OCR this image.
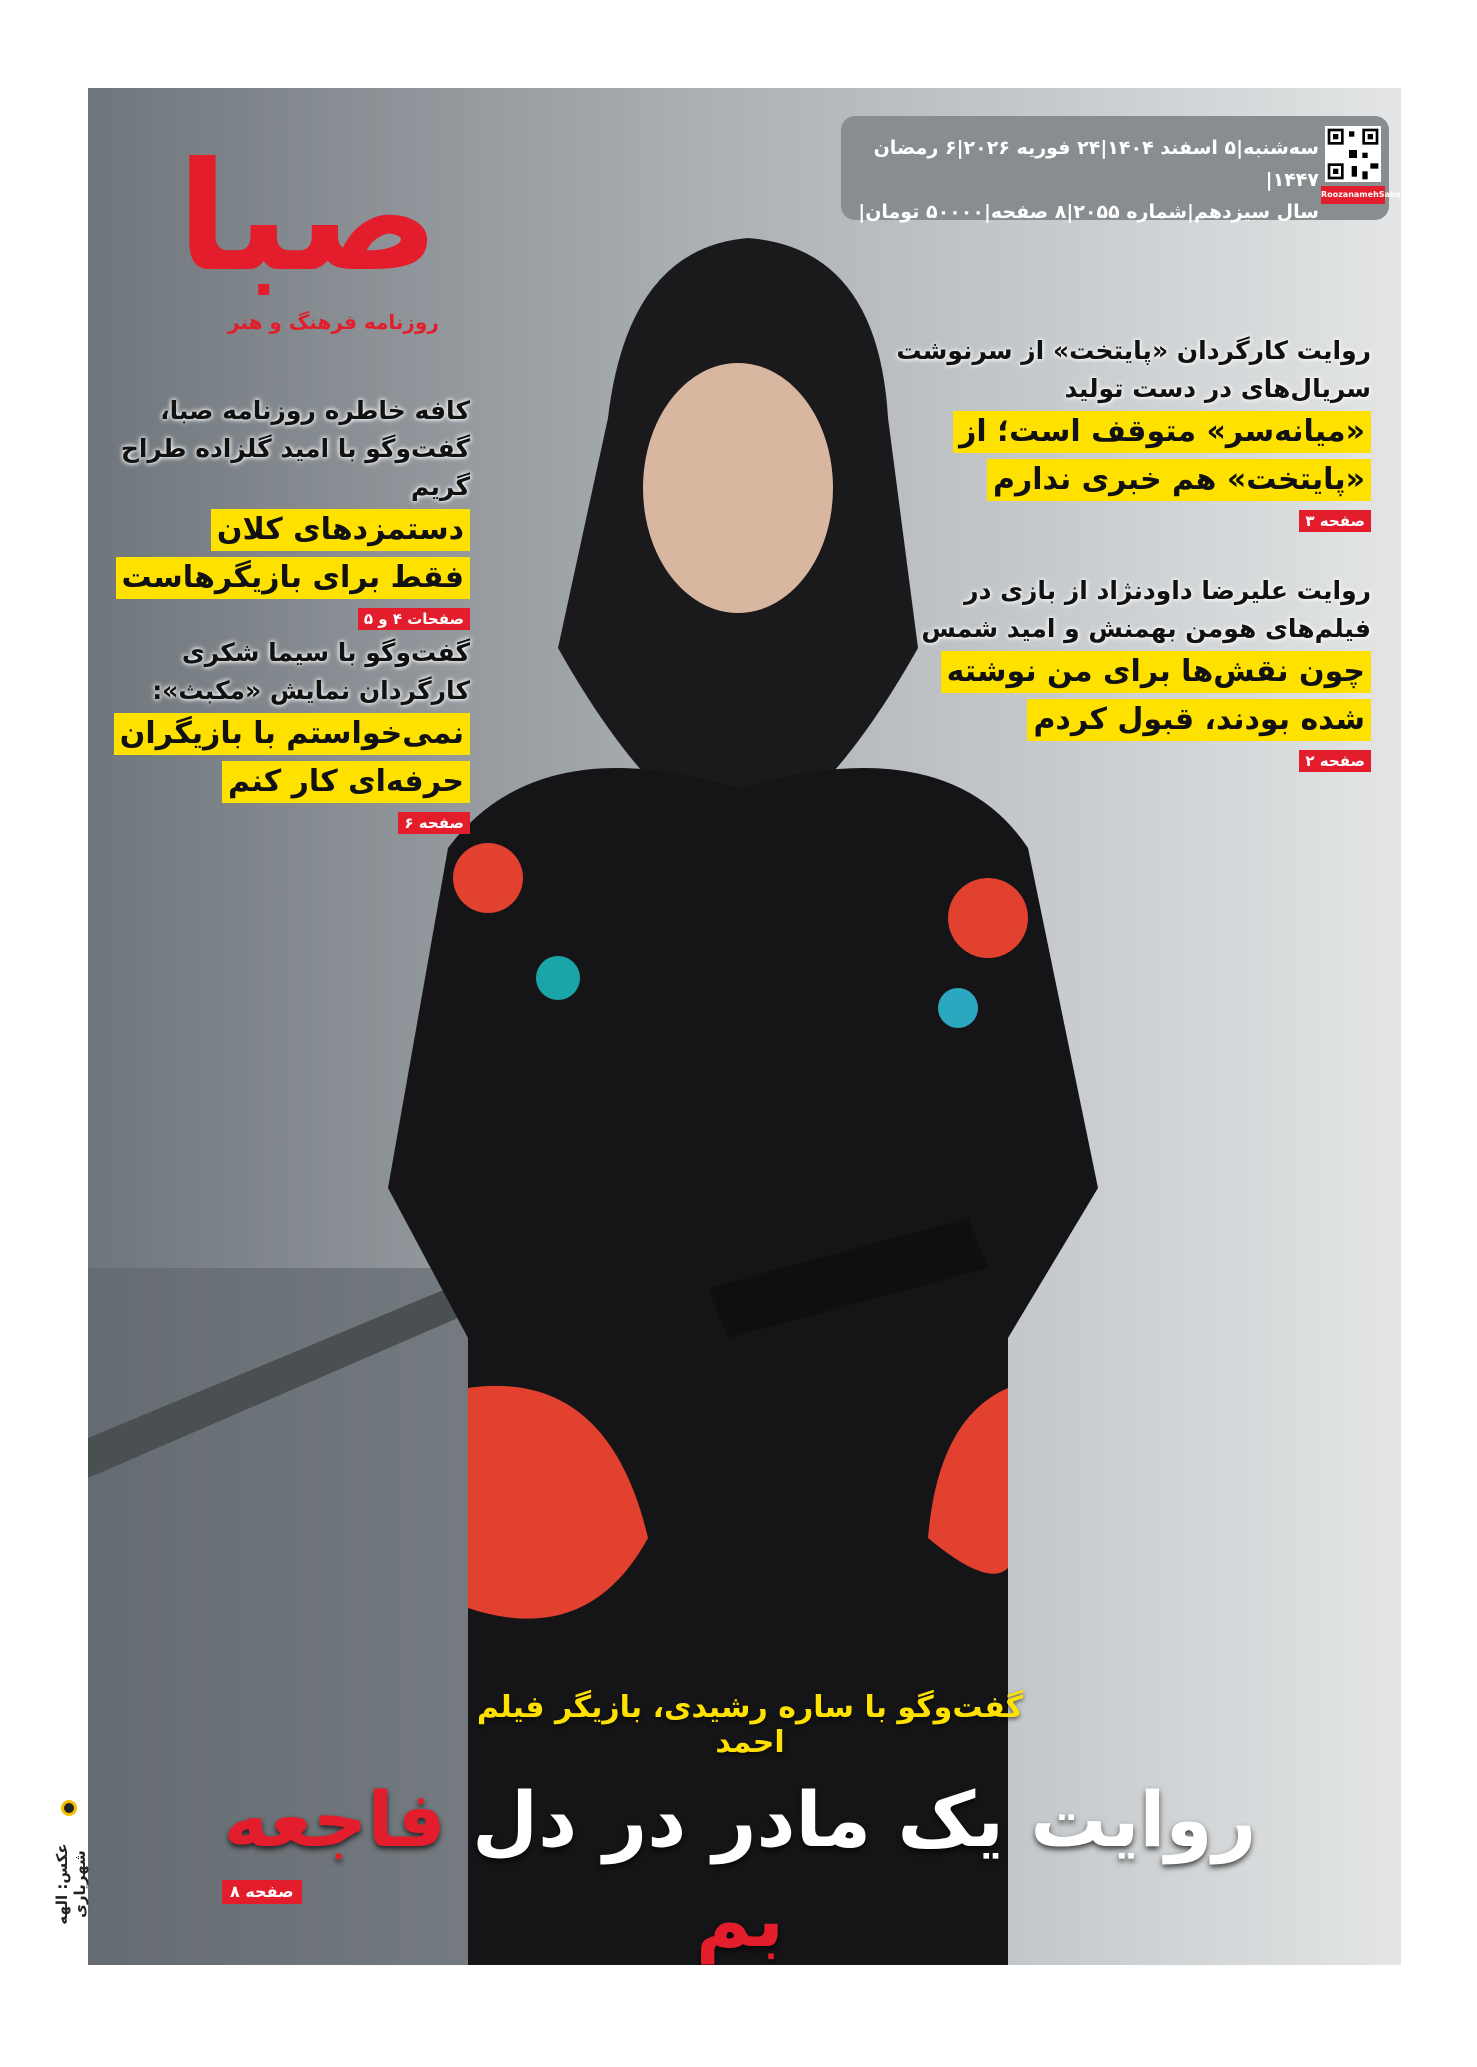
صبا
روزنامه فرهنگ و هنر
روایت کارگردان «پایتخت» از سرنوشت
سریال‌های در دست تولید
«میانه‌سر» متوقف است؛ از
«پایتخت» هم خبری ندارم
صفحه ۳
روایت علیرضا داودنژاد از بازی در
فیلم‌های هومن بهمنش و امید شمس
چون نقش‌ها برای من نوشته
شده بودند، قبول کردم
صفحه ۲
کافه خاطره روزنامه صبا،
گفت‌وگو با امید گلزاده طراح گریم
دستمزدهای کلان
فقط برای بازیگرهاست
صفحات ۴ و ۵
گفت‌وگو با سیما شکری
کارگردان نمایش «مکبث»:
نمی‌خواستم با بازیگران
حرفه‌ای کار کنم
صفحه ۶
گفت‌وگو با ساره رشیدی، بازیگر فیلم احمد
روایت یک مادر در دل فاجعه بم
صفحه ۸
سه‌شنبه|۵ اسفند ۱۴۰۴|۲۴ فوریه ۲۰۲۶|۶ رمضان ۱۴۴۷|
سال سیزدهم|شماره ۲۰۵۵|۸ صفحه|۵۰۰۰۰ تومان|
RoozanamehSaba
عکس: الهه شهریاری
